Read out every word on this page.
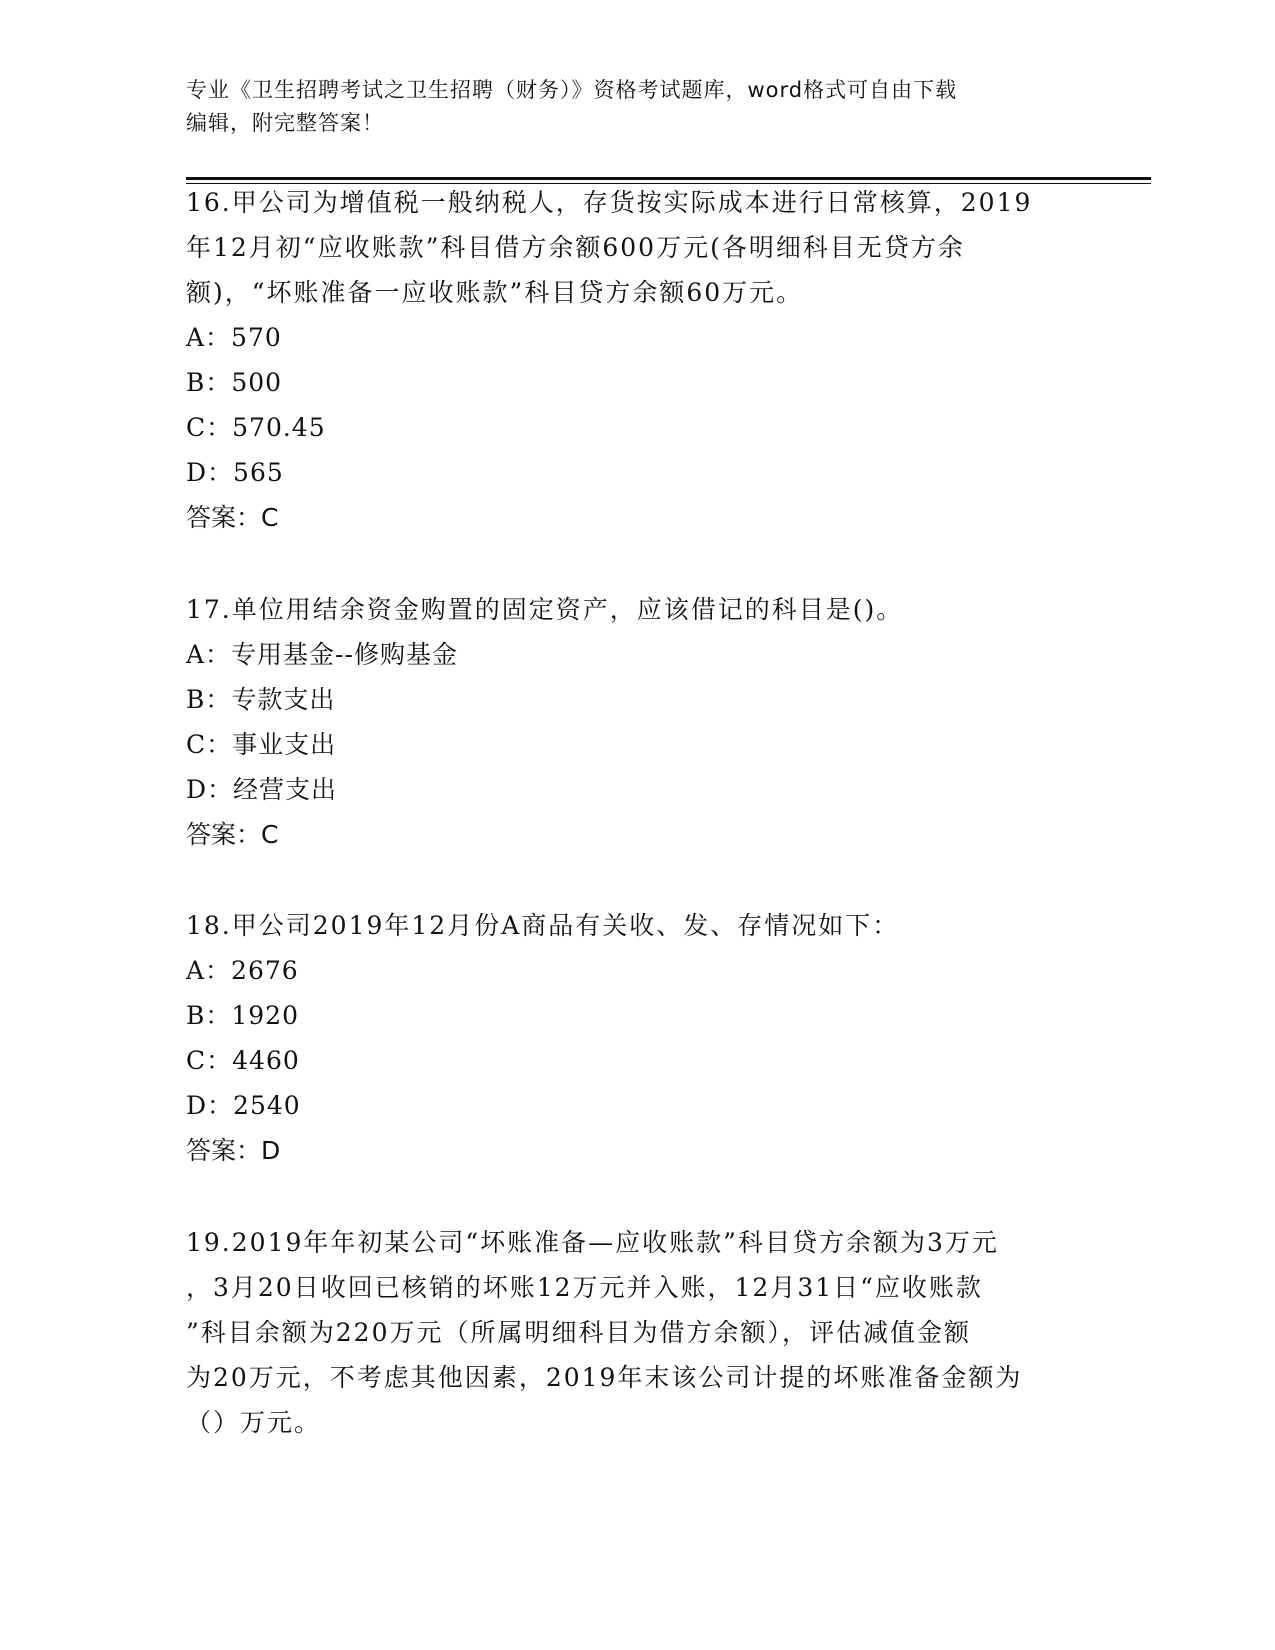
专业《卫生招聘考试之卫生招聘（财务）》资格考试题库，word格式可自由下载
编辑，附完整答案！

16.甲公司为增值税一般纳税人，存货按实际成本进行日常核算，2019

年12月初“应收账款”科目借方余额600万元(各明细科目无贷方余

额)，“坏账准备一应收账款”科目贷方余额60万元。

A：570

B：500

C：570.45

D：565

答案：C

17.单位用结余资金购置的固定资产，应该借记的科目是()。

A：专用基金--修购基金

B：专款支出

C：事业支出

D：经营支出

答案：C

18.甲公司2019年12月份A商品有关收、发、存情况如下：

A：2676

B：1920

C：4460

D：2540

答案：D

19.2019年年初某公司“坏账准备—应收账款”科目贷方余额为3万元

，3月20日收回已核销的坏账12万元并入账，12月31日“应收账款

”科目余额为220万元（所属明细科目为借方余额），评估减值金额

为20万元，不考虑其他因素，2019年末该公司计提的坏账准备金额为

（）万元。
